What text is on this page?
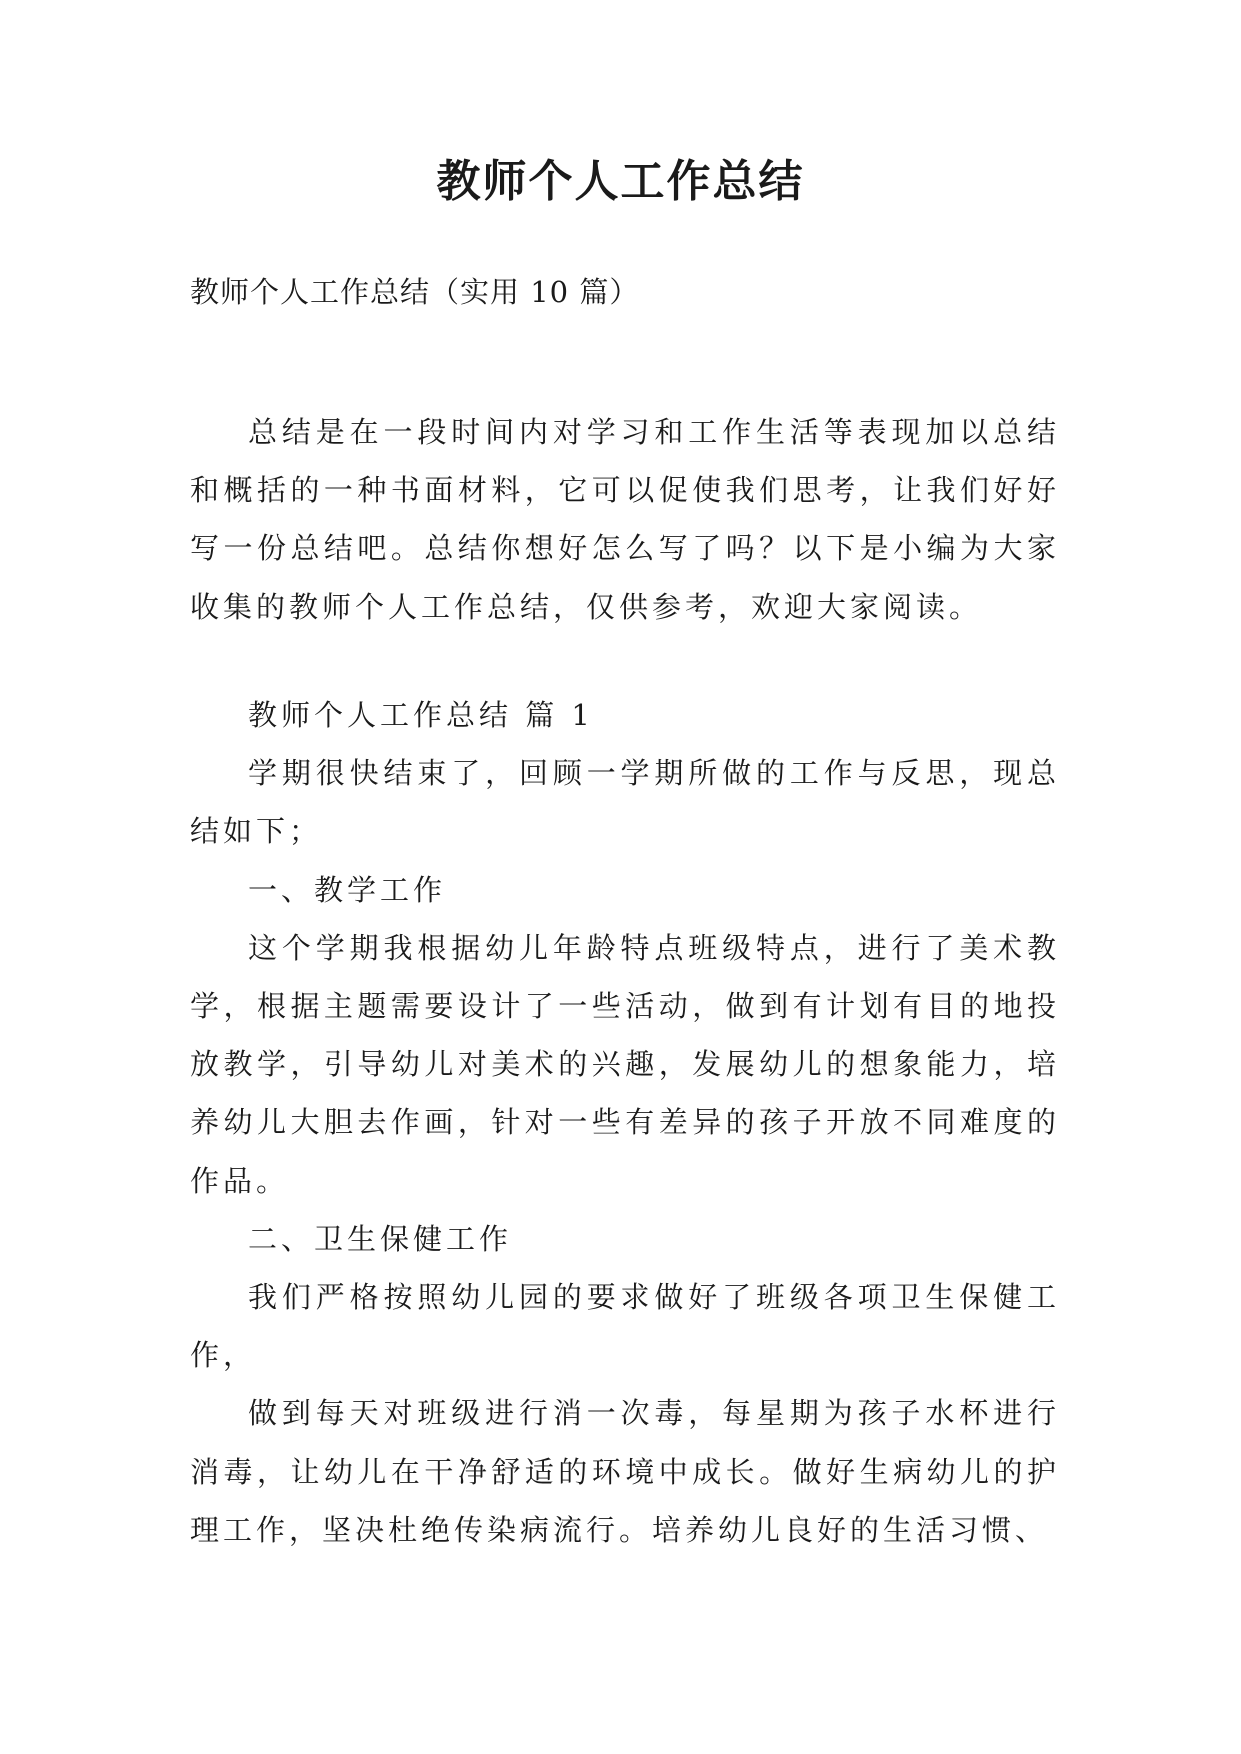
教师个人工作总结
教师个人工作总结（实用 10 篇）

总结是在一段时间内对学习和工作生活等表现加以总结和概括的一种书面材料，它可以促使我们思考，让我们好好写一份总结吧。总结你想好怎么写了吗？以下是小编为大家收集的教师个人工作总结，仅供参考，欢迎大家阅读。

教师个人工作总结 篇 1

学期很快结束了，回顾一学期所做的工作与反思，现总结如下；

一、教学工作

这个学期我根据幼儿年龄特点班级特点，进行了美术教学，根据主题需要设计了一些活动，做到有计划有目的地投放教学，引导幼儿对美术的兴趣，发展幼儿的想象能力，培养幼儿大胆去作画，针对一些有差异的孩子开放不同难度的作品。

二、卫生保健工作

我们严格按照幼儿园的要求做好了班级各项卫生保健工作，

做到每天对班级进行消一次毒，每星期为孩子水杯进行消毒，让幼儿在干净舒适的环境中成长。做好生病幼儿的护理工作，坚决杜绝传染病流行。培养幼儿良好的生活习惯、
